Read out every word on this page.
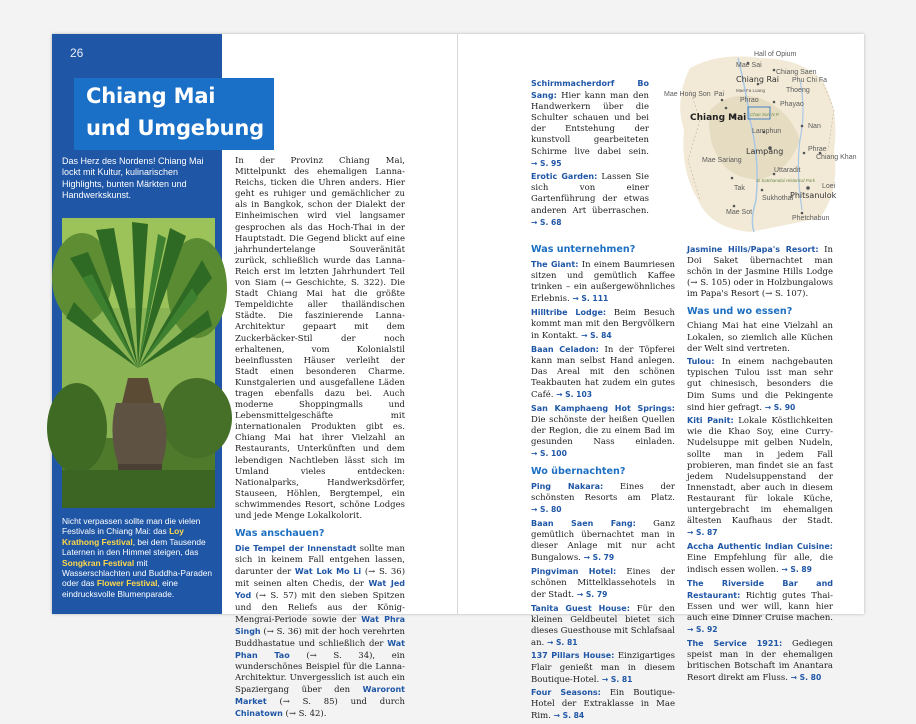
26
Chiang Mai
und Umgebung
Das Herz des Nordens! Chiang Mai lockt mit Kultur, kulinarischen Highlights, bunten Märkten und Handwerkskunst.
Nicht verpassen sollte man die vielen Festivals in Chiang Mai: das Loy Krathong Festival, bei dem Tausende Laternen in den Himmel steigen, das Songkran Festival mit Wasserschlachten und Buddha-Paraden oder das Flower Festival, eine eindrucksvolle Blumenparade.

In der Provinz Chiang Mai, Mittelpunkt des ehemaligen Lanna-Reichs, ticken die Uhren anders. Hier geht es ruhiger und gemächlicher zu als in Bangkok, schon der Dialekt der Einheimischen wird viel langsamer gesprochen als das Hoch-Thai in der Hauptstadt. Die Gegend blickt auf eine jahrhundertelange Souveränität zurück, schließlich wurde das Lanna-Reich erst im letzten Jahrhundert Teil von Siam (→ Geschichte, S. 322). Die Stadt Chiang Mai hat die größte Tempeldichte aller thailändischen Städte. Die faszinierende Lanna-Architektur gepaart mit dem Zuckerbäcker-Stil der noch erhaltenen, vom Kolonialstil beeinflussten Häuser verleiht der Stadt einen besonderen Charme. Kunstgalerien und ausgefallene Läden tragen ebenfalls dazu bei. Auch moderne Shoppingmalls und Lebensmittelgeschäfte mit internationalen Produkten gibt es. Chiang Mai hat ihrer Vielzahl an Restaurants, Unterkünften und dem lebendigen Nachtleben lässt sich im Umland vieles entdecken: Nationalparks, Handwerksdörfer, Stauseen, Höhlen, Bergtempel, ein schwimmendes Resort, schöne Lodges und jede Menge Lokalkolorit.

Was anschauen?

Die Tempel der Innenstadt sollte man sich in keinem Fall entgehen lassen, darunter der Wat Lok Mo Li (→ S. 36) mit seinen alten Chedis, der Wat Jed Yod (→ S. 57) mit den sieben Spitzen und den Reliefs aus der König-Mengrai-Periode sowie der Wat Phra Singh (→ S. 36) mit der hoch verehrten Buddhastatue und schließlich der Wat Phan Tao (→ S. 34), ein wunderschönes Beispiel für die Lanna-Architektur. Unvergesslich ist auch ein Spaziergang über den Waroront Market (→ S. 85) und durch Chinatown (→ S. 42).

Schirmmacherdorf Bo Sang: Hier kann man den Handwerkern über die Schulter schauen und bei der Entstehung der kunstvoll gearbeiteten Schirme live dabei sein. → S. 95

Erotic Garden: Lassen Sie sich von einer Gartenführung der etwas anderen Art überraschen. → S. 68

Hall of Opium
Mae Sai
Chiang Saen
Chiang Rai Phu Chi Fa
Mae Fa Luang	Thoeng
Mae Hong Son Pai
Phrao
Phayao
Chiang Mai Chae Son N.P.
Lamphun
Nan
Lampang	Phrae
Chiang Khan
Mae Sariang
Uttaradit
Si Satchanalai Historical Park
Tak
Sukhothai
Loei
Phitsanulok
Mae Sot
Phetchabun
Was unternehmen?

The Giant: In einem Baumriesen sitzen und gemütlich Kaffee trinken – ein außergewöhnliches Erlebnis. → S. 111

Hilltribe Lodge: Beim Besuch kommt man mit den Bergvölkern in Kontakt. → S. 84

Baan Celadon: In der Töpferei kann man selbst Hand anlegen. Das Areal mit den schönen Teakbauten hat zudem ein gutes Café. → S. 103

San Kamphaeng Hot Springs: Die schönste der heißen Quellen der Region, die zu einem Bad im gesunden Nass einladen. → S. 100

Wo übernachten?

Ping Nakara: Eines der schönsten Resorts am Platz. → S. 80

Baan Saen Fang: Ganz gemütlich übernachtet man in dieser Anlage mit nur acht Bungalows. → S. 79

Pingviman Hotel: Eines der schönen Mittelklassehotels in der Stadt. → S. 79

Tanita Guest House: Für den kleinen Geldbeutel bietet sich dieses Guesthouse mit Schlafsaal an. → S. 81

137 Pillars House: Einzigartiges Flair genießt man in diesem Boutique-Hotel. → S. 81

Four Seasons: Ein Boutique-Hotel der Extraklasse in Mae Rim. → S. 84

Jasmine Hills/Papa's Resort: In Doi Saket übernachtet man schön in der Jasmine Hills Lodge (→ S. 105) oder in Holzbungalows im Papa's Resort (→ S. 107).

Was und wo essen?

Chiang Mai hat eine Vielzahl an Lokalen, so ziemlich alle Küchen der Welt sind vertreten.

Tulou: In einem nachgebauten typischen Tulou isst man sehr gut chinesisch, besonders die Dim Sums und die Pekingente sind hier gefragt. → S. 90

Kiti Panit: Lokale Köstlichkeiten wie die Khao Soy, eine Curry-Nudelsuppe mit gelben Nudeln, sollte man in jedem Fall probieren, man findet sie an fast jedem Nudelsuppenstand der Innenstadt, aber auch in diesem Restaurant für lokale Küche, untergebracht im ehemaligen ältesten Kaufhaus der Stadt. → S. 87

Accha Authentic Indian Cuisine: Eine Empfehlung für alle, die indisch essen wollen. → S. 89

The Riverside Bar and Restaurant: Richtig gutes Thai-Essen und wer will, kann hier auch eine Dinner Cruise machen. → S. 92

The Service 1921: Gediegen speist man in der ehemaligen britischen Botschaft im Anantara Resort direkt am Fluss. → S. 80
